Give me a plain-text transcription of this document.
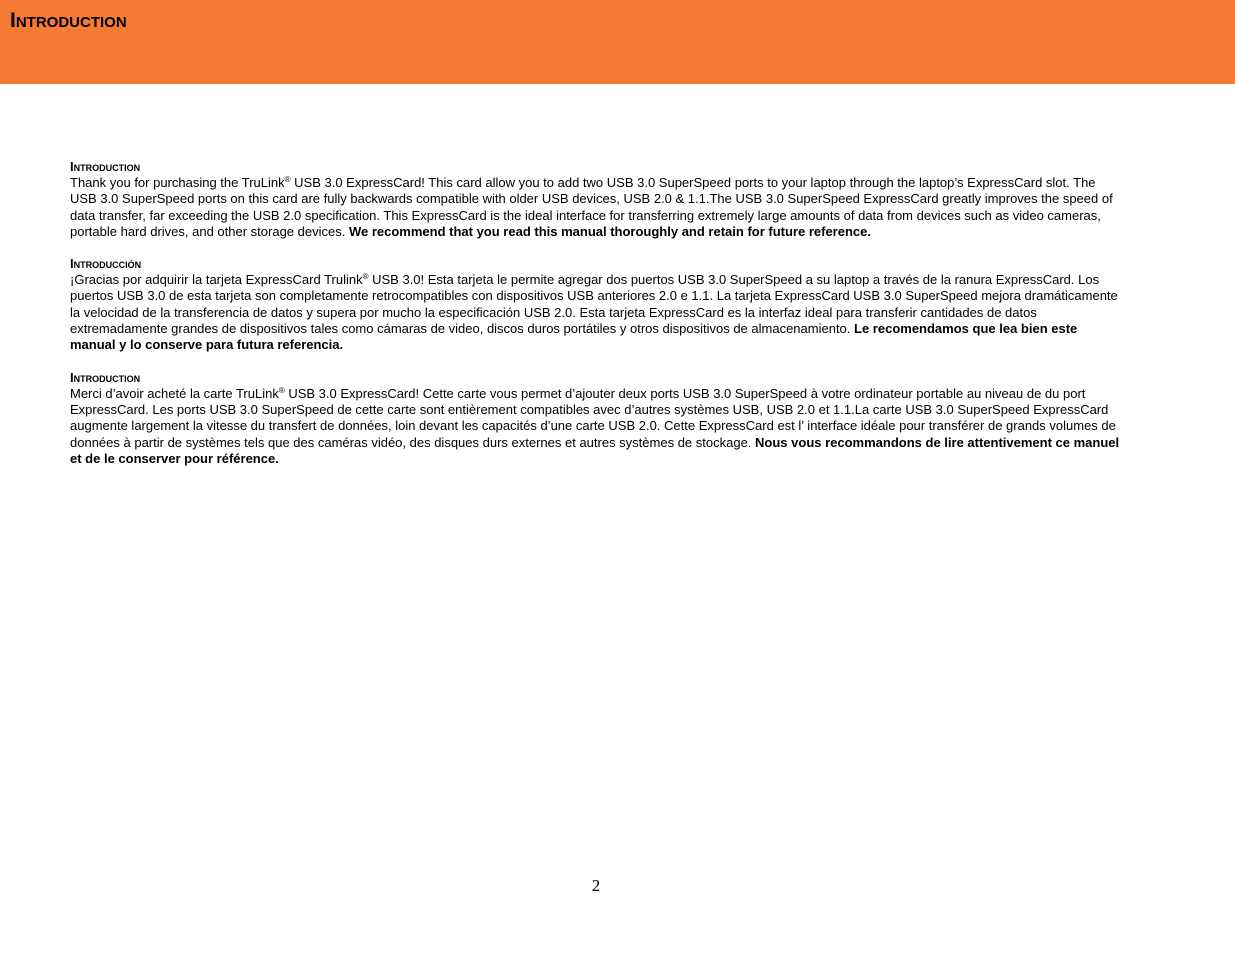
Introduction

Introduction

Thank you for purchasing the TruLink® USB 3.0 ExpressCard! This card allow you to add two USB 3.0 SuperSpeed ports to your laptop through the laptop’s ExpressCard slot. The USB 3.0 SuperSpeed ports on this card are fully backwards compatible with older USB devices, USB 2.0 & 1.1.The USB 3.0 SuperSpeed ExpressCard greatly improves the speed of data transfer, far exceeding the USB 2.0 specification. This ExpressCard is the ideal interface for transferring extremely large amounts of data from devices such as video cameras, portable hard drives, and other storage devices. We recommend that you read this manual thoroughly and retain for future reference.

Introducción

¡Gracias por adquirir la tarjeta ExpressCard Trulink® USB 3.0! Esta tarjeta le permite agregar dos puertos USB 3.0 SuperSpeed a su laptop a través de la ranura ExpressCard. Los puertos USB 3.0 de esta tarjeta son completamente retrocompatibles con dispositivos USB anteriores 2.0 e 1.1. La tarjeta ExpressCard USB 3.0 SuperSpeed mejora dramáticamente la velocidad de la transferencia de datos y supera por mucho la especificación USB 2.0. Esta tarjeta ExpressCard es la interfaz ideal para transferir cantidades de datos extremadamente grandes de dispositivos tales como cámaras de video, discos duros portátiles y otros dispositivos de almacenamiento. Le recomendamos que lea bien este manual y lo conserve para futura referencia.

Introduction

Merci d’avoir acheté la carte TruLink® USB 3.0 ExpressCard! Cette carte vous permet d’ajouter deux ports USB 3.0 SuperSpeed à votre ordinateur portable au niveau de du port ExpressCard. Les ports USB 3.0 SuperSpeed de cette carte sont entièrement compatibles avec d’autres systèmes USB, USB 2.0 et 1.1.La carte USB 3.0 SuperSpeed ExpressCard augmente largement la vitesse du transfert de données, loin devant les capacités d’une carte USB 2.0. Cette ExpressCard est l’ interface idéale pour transférer de grands volumes de données à partir de systèmes tels que des caméras vidéo, des disques durs externes et autres systèmes de stockage. Nous vous recommandons de lire attentivement ce manuel et de le conserver pour référence.

2
